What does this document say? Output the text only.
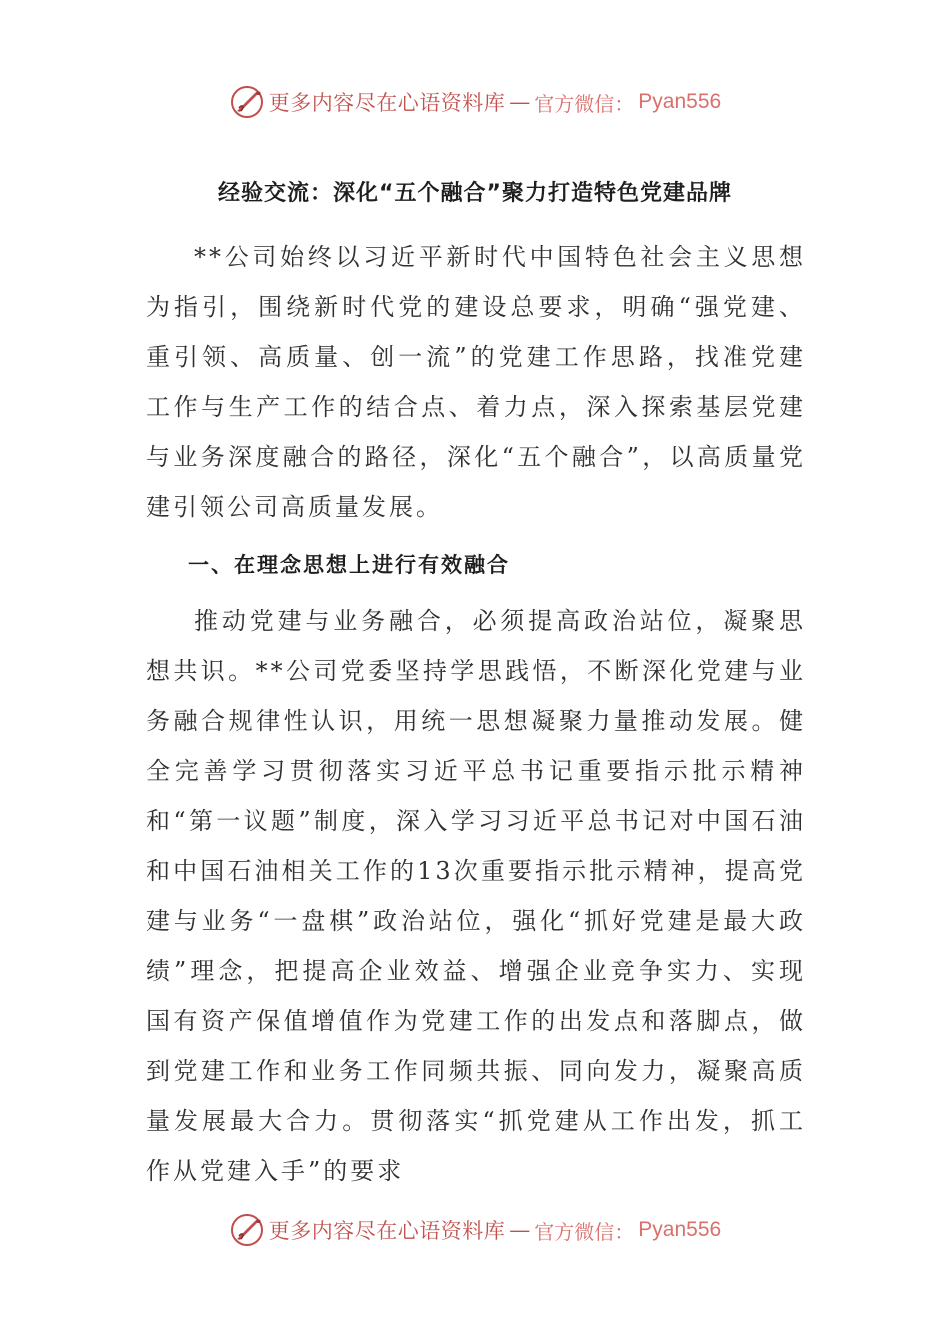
更多内容尽在心语资料库 — 官方微信： Pyan556
经验交流：深化“五个融合”聚力打造特色党建品牌

**公司始终以习近平新时代中国特色社会主义思想为指引，围绕新时代党的建设总要求，明确“强党建、重引领、高质量、创一流”的党建工作思路，找准党建工作与生产工作的结合点、着力点，深入探索基层党建与业务深度融合的路径，深化“五个融合”，以高质量党建引领公司高质量发展。

一、在理念思想上进行有效融合

推动党建与业务融合，必须提高政治站位，凝聚思想共识。**公司党委坚持学思践悟，不断深化党建与业务融合规律性认识，用统一思想凝聚力量推动发展。健全完善学习贯彻落实习近平总书记重要指示批示精神和“第一议题”制度，深入学习习近平总书记对中国石油和中国石油相关工作的13次重要指示批示精神，提高党建与业务“一盘棋”政治站位，强化“抓好党建是最大政绩”理念，把提高企业效益、增强企业竞争实力、实现国有资产保值增值作为党建工作的出发点和落脚点，做到党建工作和业务工作同频共振、同向发力，凝聚高质量发展最大合力。贯彻落实“抓党建从工作出发，抓工作从党建入手”的要求

更多内容尽在心语资料库 — 官方微信： Pyan556
